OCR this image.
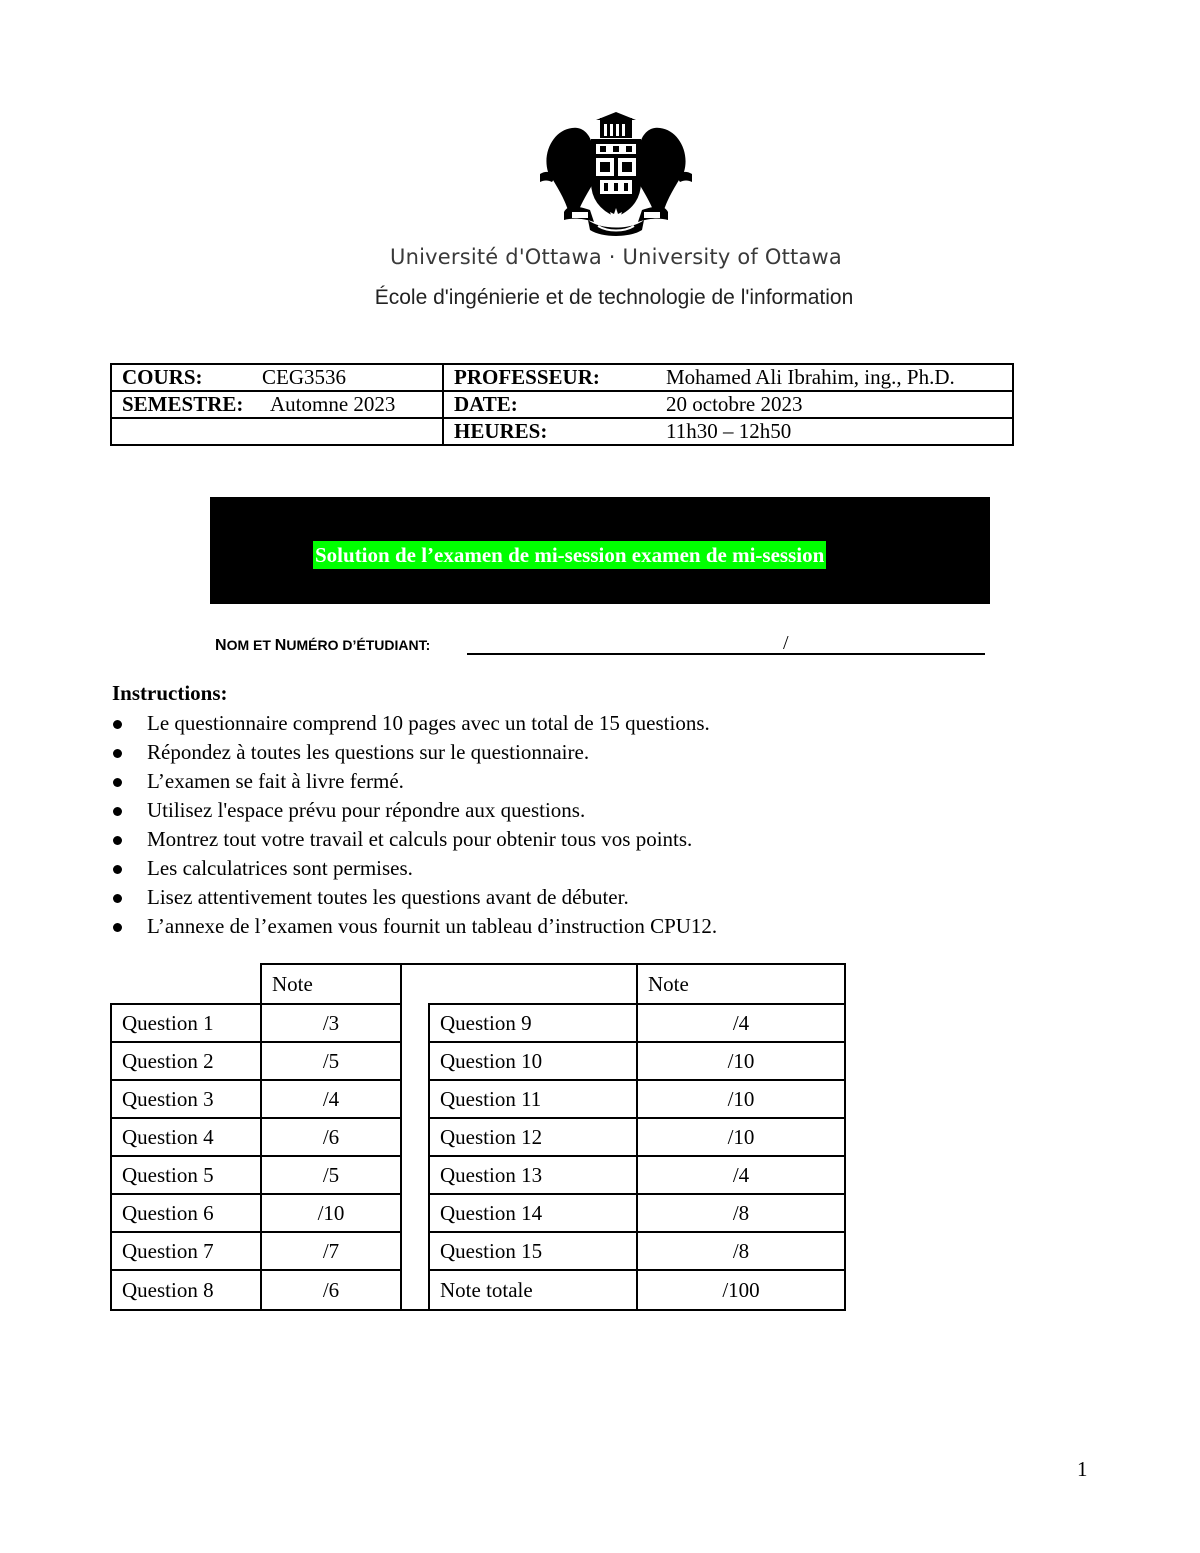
Université d'Ottawa · University of Ottawa
École d'ingénierie et de technologie de l'information
COURS: CEG3536	PROFESSEUR: Mohamed Ali Ibrahim, ing., Ph.D.
SEMESTRE: Automne 2023	DATE: 20 octobre 2023
	HEURES: 11h30 – 12h50
Solution de l’examen de mi-session examen de mi-session
NOM ET NUMÉRO D’ÉTUDIANT:	/
Instructions:
Le questionnaire comprend 10 pages avec un total de 15 questions.
Répondez à toutes les questions sur le questionnaire.
L’examen se fait à livre fermé.
Utilisez l'espace prévu pour répondre aux questions.
Montrez tout votre travail et calculs pour obtenir tous vos points.
Les calculatrices sont permises.
Lisez attentivement toutes les questions avant de débuter.
L’annexe de l’examen vous fournit un tableau d’instruction CPU12.
	Note			Note
Question 1	/3		Question 9	/4
Question 2	/5		Question 10	/10
Question 3	/4		Question 11	/10
Question 4	/6		Question 12	/10
Question 5	/5		Question 13	/4
Question 6	/10		Question 14	/8
Question 7	/7		Question 15	/8
Question 8	/6		Note totale	/100
1
